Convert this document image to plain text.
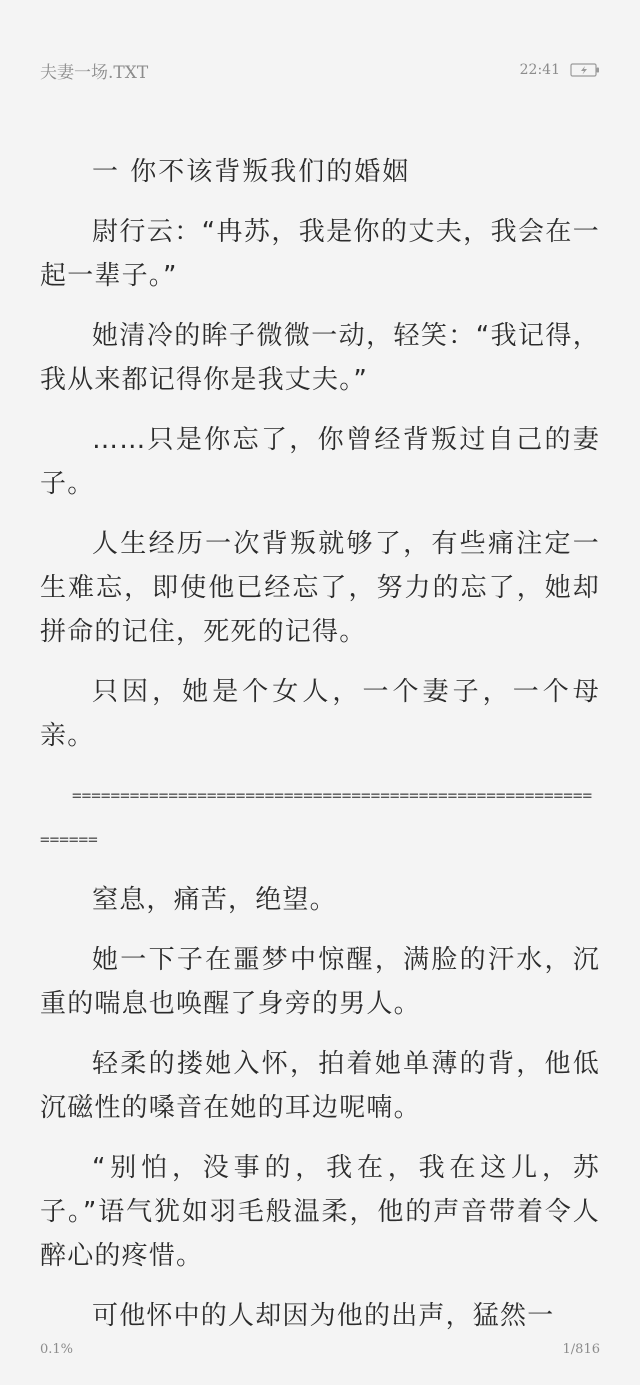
夫妻一场.TXT	22:41

一 你不该背叛我们的婚姻

尉行云：“冉苏，我是你的丈夫，我会在一起一辈子。”

她清冷的眸子微微一动，轻笑：“我记得，我从来都记得你是我丈夫。”

……只是你忘了，你曾经背叛过自己的妻子。

人生经历一次背叛就够了，有些痛注定一生难忘，即使他已经忘了，努力的忘了，她却拼命的记住，死死的记得。

只因，她是个女人，一个妻子，一个母亲。

============================================================

窒息，痛苦，绝望。

她一下子在噩梦中惊醒，满脸的汗水，沉重的喘息也唤醒了身旁的男人。

轻柔的搂她入怀，拍着她单薄的背，他低沉磁性的嗓音在她的耳边呢喃。

“别怕，没事的，我在，我在这儿，苏子。”语气犹如羽毛般温柔，他的声音带着令人醉心的疼惜。

可他怀中的人却因为他的出声，猛然一

0.1%	1/816
